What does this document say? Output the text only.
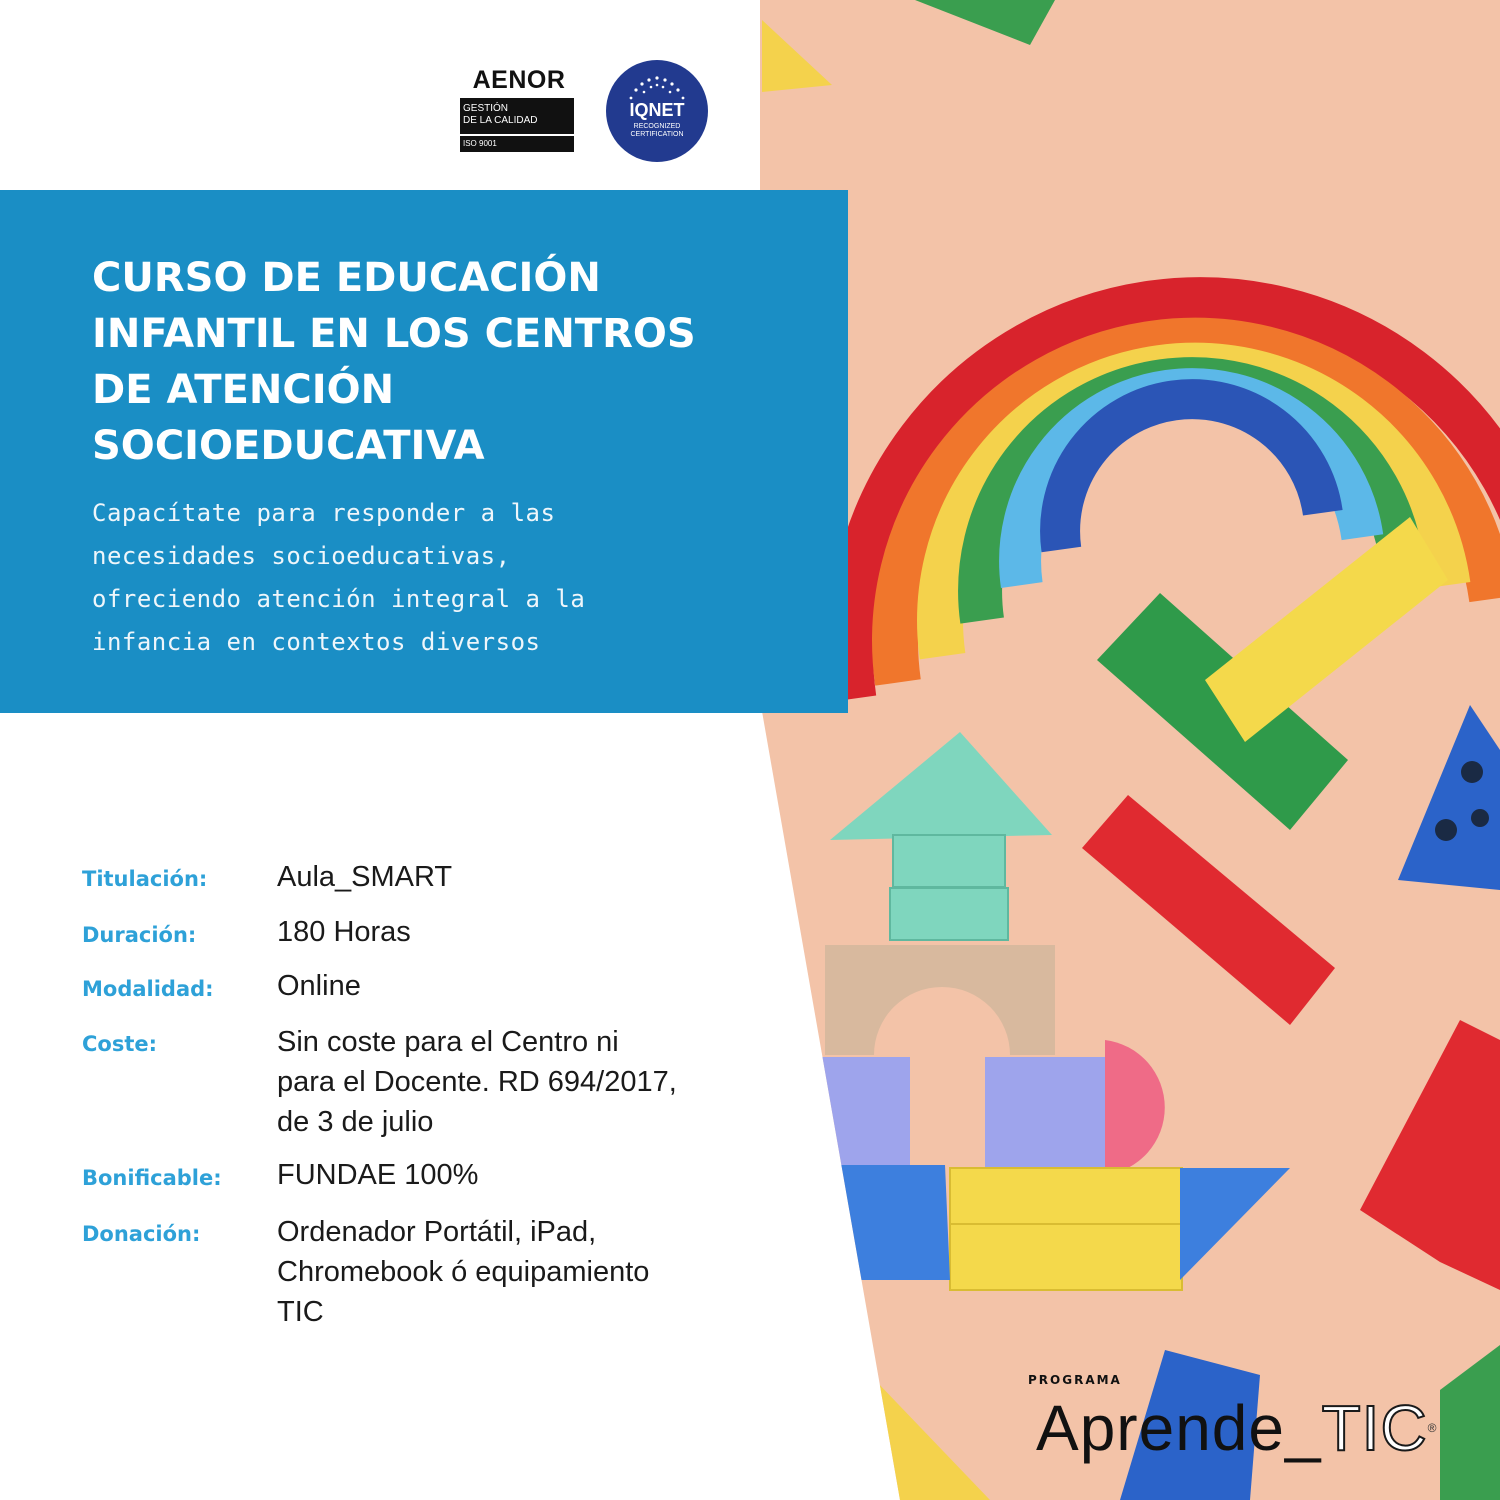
AENOR
GESTIÓN
DE LA CALIDAD
ISO 9001
IQNET
RECOGNIZED
CERTIFICATION
CURSO DE EDUCACIÓN
INFANTIL EN LOS CENTROS
DE ATENCIÓN
SOCIOEDUCATIVA
Capacítate para responder a las
necesidades socioeducativas,
ofreciendo atención integral a la
infancia en contextos diversos
Titulación: Aula_SMART
Duración:	180 Horas
Modalidad: Online
Coste:	Sin coste para el Centro ni
para el Docente. RD 694/2017,
de 3 de julio
Bonificable: FUNDAE 100%
Donación:	Ordenador Portátil, iPad,
Chromebook ó equipamiento
TIC
PROGRAMA
Aprende_TIC®
